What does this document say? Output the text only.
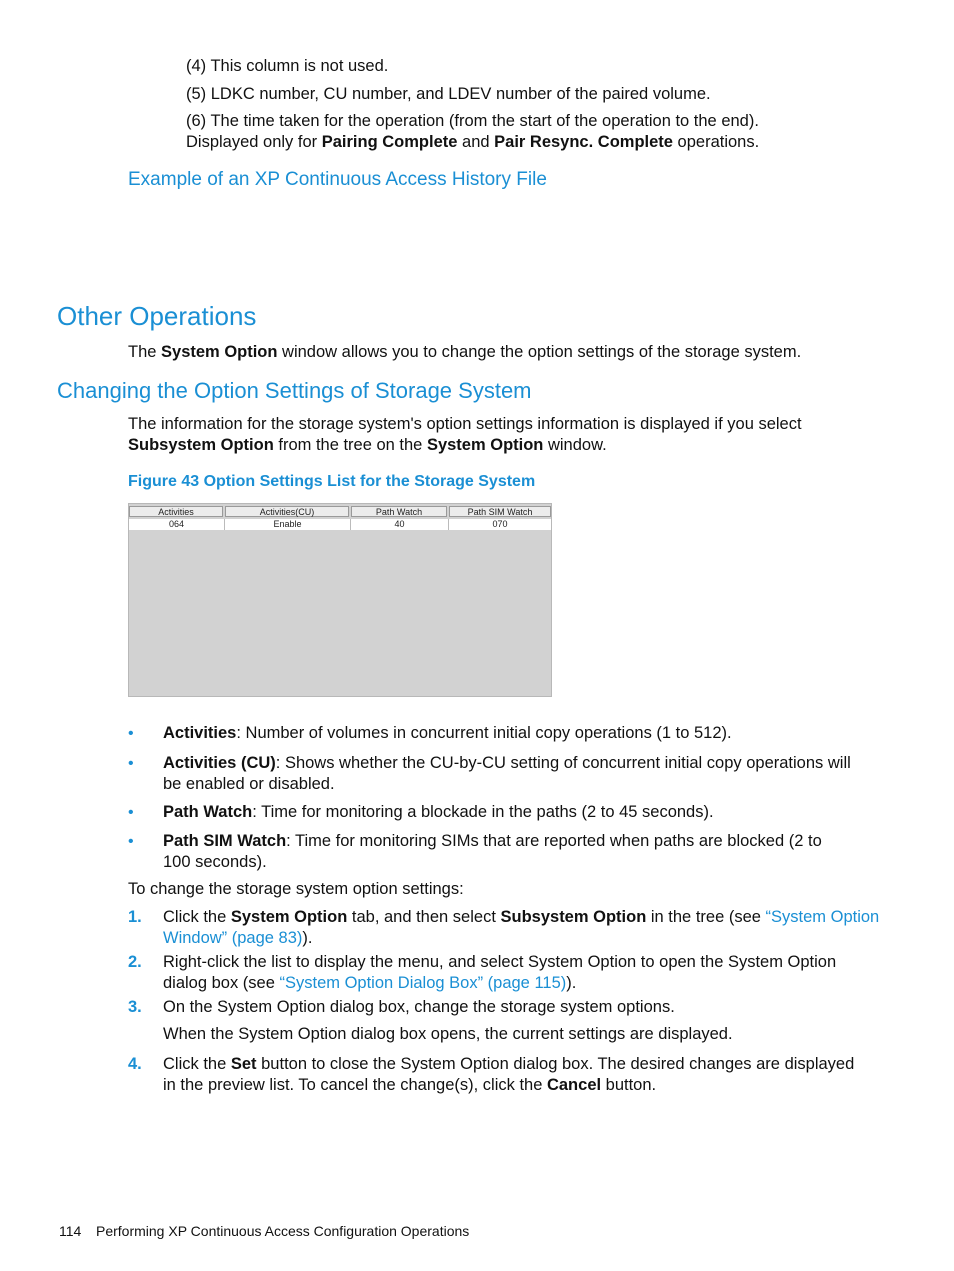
(4) This column is not used.
(5) LDKC number, CU number, and LDEV number of the paired volume.
(6) The time taken for the operation (from the start of the operation to the end).
Displayed only for Pairing Complete and Pair Resync. Complete operations.
Example of an XP Continuous Access History File
Other Operations
The System Option window allows you to change the option settings of the storage system.
Changing the Option Settings of Storage System
The information for the storage system's option settings information is displayed if you select
Subsystem Option from the tree on the System Option window.
Figure 43 Option Settings List for the Storage System
Activities	Activities(CU)	Path Watch	Path SIM Watch
064	Enable	40	070
• Activities: Number of volumes in concurrent initial copy operations (1 to 512).
• Activities (CU): Shows whether the CU-by-CU setting of concurrent initial copy operations will
be enabled or disabled.
• Path Watch: Time for monitoring a blockade in the paths (2 to 45 seconds).
• Path SIM Watch: Time for monitoring SIMs that are reported when paths are blocked (2 to
100 seconds).
To change the storage system option settings:
1. Click the System Option tab, and then select Subsystem Option in the tree (see “System Option
Window” (page 83)).
2. Right-click the list to display the menu, and select System Option to open the System Option
dialog box (see “System Option Dialog Box” (page 115)).
3. On the System Option dialog box, change the storage system options.
When the System Option dialog box opens, the current settings are displayed.
4. Click the Set button to close the System Option dialog box. The desired changes are displayed
in the preview list. To cancel the change(s), click the Cancel button.
114 Performing XP Continuous Access Configuration Operations
